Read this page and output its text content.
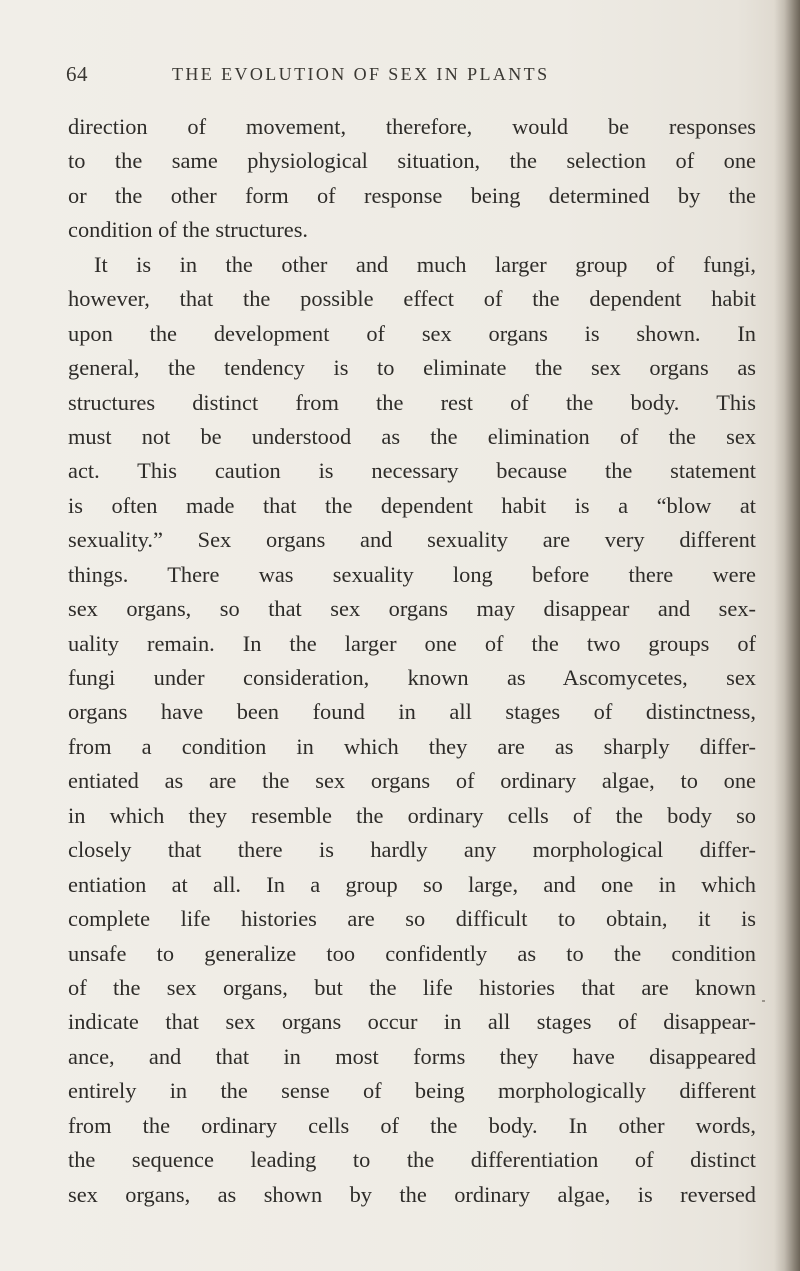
64	THE EVOLUTION OF SEX IN PLANTS
direction of movement, therefore, would be responses
to the same physiological situation, the selection of one
or the other form of response being determined by the
condition of the structures.
It is in the other and much larger group of fungi,
however, that the possible effect of the dependent habit
upon the development of sex organs is shown. In
general, the tendency is to eliminate the sex organs as
structures distinct from the rest of the body. This
must not be understood as the elimination of the sex
act. This caution is necessary because the statement
is often made that the dependent habit is a “blow at
sexuality.” Sex organs and sexuality are very different
things. There was sexuality long before there were
sex organs, so that sex organs may disappear and sex-
uality remain. In the larger one of the two groups of
fungi under consideration, known as Ascomycetes, sex
organs have been found in all stages of distinctness,
from a condition in which they are as sharply differ-
entiated as are the sex organs of ordinary algae, to one
in which they resemble the ordinary cells of the body so
closely that there is hardly any morphological differ-
entiation at all. In a group so large, and one in which
complete life histories are so difficult to obtain, it is
unsafe to generalize too confidently as to the condition
of the sex organs, but the life histories that are known
indicate that sex organs occur in all stages of disappear-
ance, and that in most forms they have disappeared
entirely in the sense of being morphologically different
from the ordinary cells of the body. In other words,
the sequence leading to the differentiation of distinct
sex organs, as shown by the ordinary algae, is reversed
